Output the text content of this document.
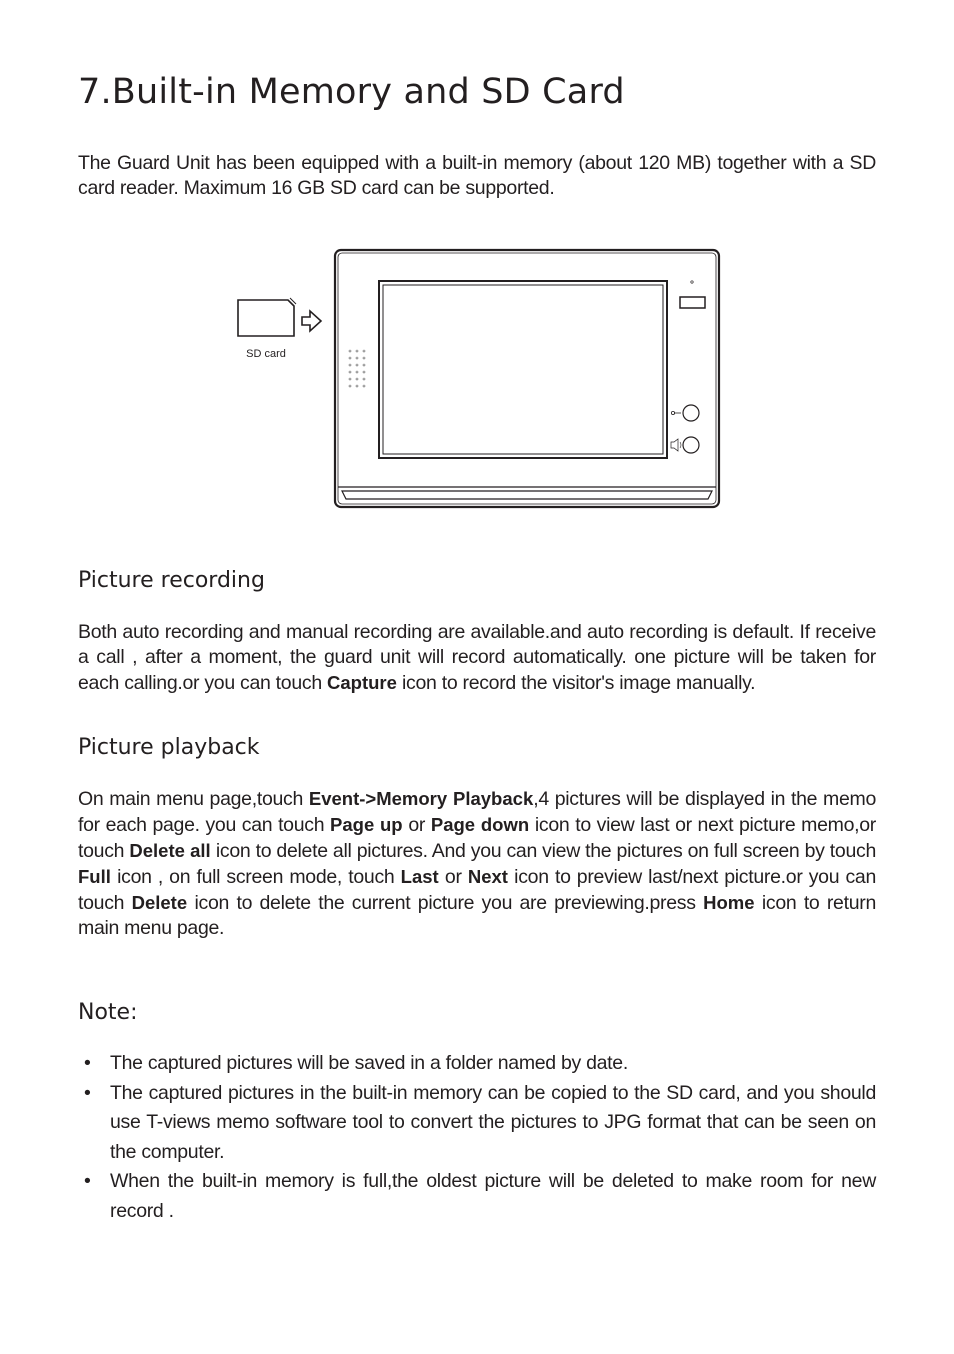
7.Built-in Memory and SD Card

The Guard Unit has been equipped with a built-in memory (about 120 MB) together with a SD card reader. Maximum 16 GB SD card can be supported.

SD card
Picture recording

Both auto recording and manual recording are available.and auto recording is default. If receive a call , after a moment, the guard unit will record automatically. one picture will be taken for each calling.or you can touch Capture icon to record the visitor's image manually.

Picture playback

On main menu page,touch Event->Memory Playback,4 pictures will be displayed in the memo for each page. you can touch Page up or Page down icon to view last or next picture memo,or touch Delete all icon to delete all pictures. And you can view the pictures on full screen by touch Full icon , on full screen mode, touch Last or Next icon to preview last/next picture.or you can touch Delete icon to delete the current picture you are previewing.press Home icon to return main menu page.

Note:
• The captured pictures will be saved in a folder named by date.
• The captured pictures in the built-in memory can be copied to the SD card, and you should use T-views memo software tool to convert the pictures to JPG format that can be seen on the computer.
• When the built-in memory is full,the oldest picture will be deleted to make room for new record .
